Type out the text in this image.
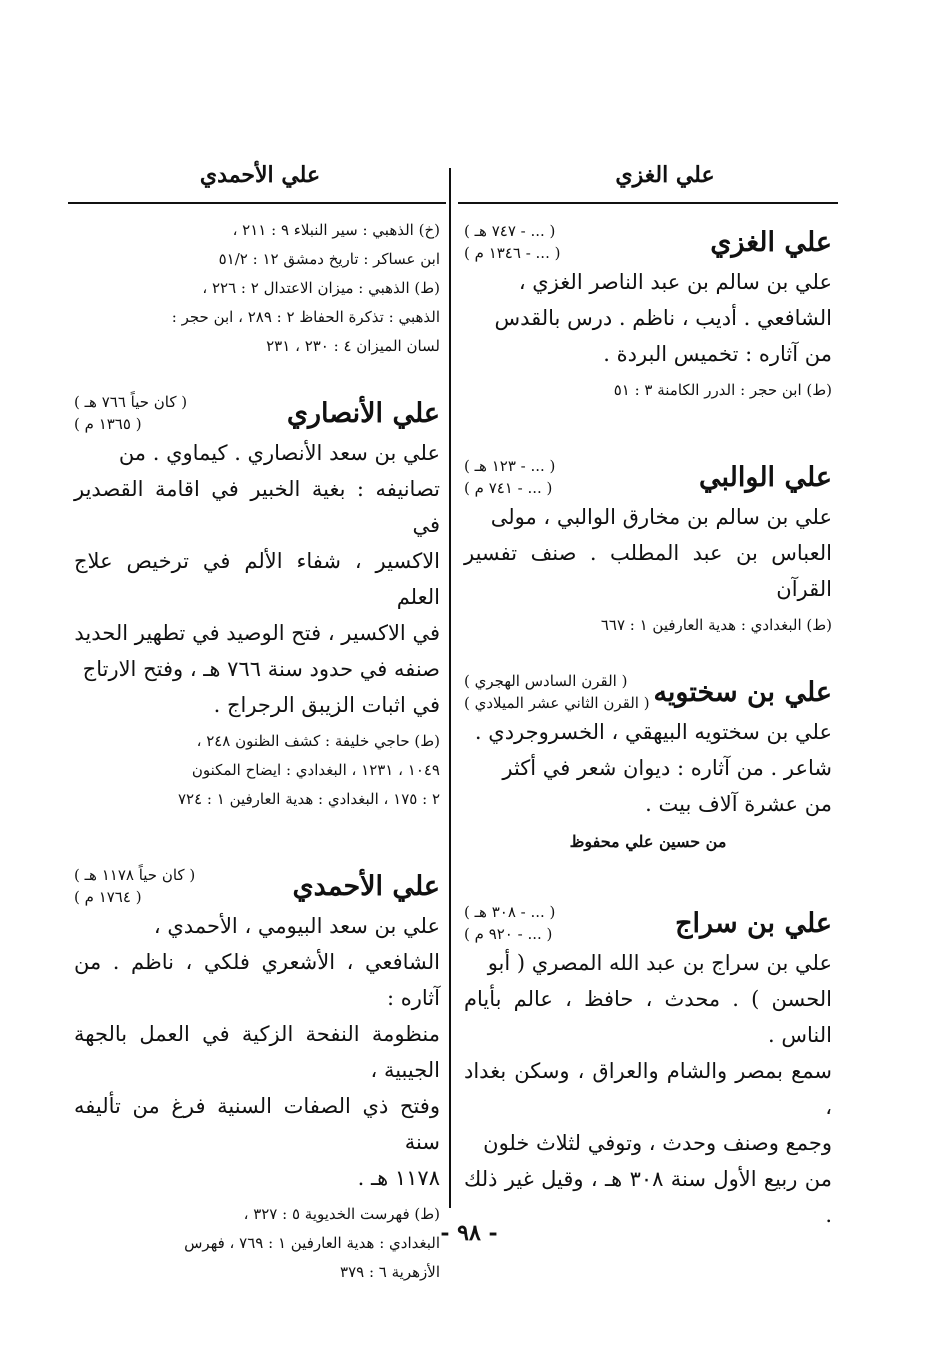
علي الغزي
علي الأحمدي
علي الغزي
( ... - ٧٤٧ هـ )
( ... - ١٣٤٦ م )

علي بن سالم بن عبد الناصر الغزي ،

الشافعي . أديب ، ناظم . درس بالقدس

من آثاره : تخميس البردة .

(ط) ابن حجر : الدرر الكامنة ٣ : ٥١

علي الوالبي
( ... - ١٢٣ هـ )
( ... - ٧٤١ م )

علي بن سالم بن مخارق الوالبي ، مولى

العباس بن عبد المطلب . صنف تفسير القرآن

(ط) البغدادي : هدية العارفين ١ : ٦٦٧

علي بن سختويه
( القرن السادس الهجري )
( القرن الثاني عشر الميلادي )

علي بن سختويه البيهقي ، الخسروجردي .

شاعر . من آثاره : ديوان شعر في أكثر

من عشرة آلاف بيت .

من حسين علي محفوظ
علي بن سراج
( ... - ٣٠٨ هـ )
( ... - ٩٢٠ م )

علي بن سراج بن عبد الله المصري ( أبو

الحسن ) . محدث ، حافظ ، عالم بأيام الناس .

سمع بمصر والشام والعراق ، وسكن بغداد ،

وجمع وصنف وحدث ، وتوفي لثلاث خلون

من ربيع الأول سنة ٣٠٨ هـ ، وقيل غير ذلك .

(خ) الذهبي : سير النبلاء ٩ : ٢١١ ،

ابن عساكر : تاريخ دمشق ١٢ : ٥١/٢

(ط) الذهبي : ميزان الاعتدال ٢ : ٢٢٦ ،

الذهبي : تذكرة الحفاظ ٢ : ٢٨٩ ، ابن حجر :

لسان الميزان ٤ : ٢٣٠ ، ٢٣١

علي الأنصاري
( كان حياً ٧٦٦ هـ )
( ١٣٦٥ م )

علي بن سعد الأنصاري . كيماوي . من

تصانيفه : بغية الخبير في اقامة القصدير في

الاكسير ، شفاء الألم في ترخيص علاج العلم

في الاكسير ، فتح الوصيد في تطهير الحديد

صنفه في حدود سنة ٧٦٦ هـ ، وفتح الارتاج

في اثبات الزيبق الرجراج .

(ط) حاجي خليفة : كشف الظنون ٢٤٨ ،

١٠٤٩ ، ١٢٣١ ، البغدادي : ايضاح المكنون

٢ : ١٧٥ ، البغدادي : هدية العارفين ١ : ٧٢٤

علي الأحمدي
( كان حياً ١١٧٨ هـ )
( ١٧٦٤ م )

علي بن سعد البيومي ، الأحمدي ،

الشافعي ، الأشعري فلكي ، ناظم . من آثاره :

منظومة النفحة الزكية في العمل بالجهة الجيبية ،

وفتح ذي الصفات السنية فرغ من تأليفه سنة

١١٧٨ هـ .

(ط) فهرست الخديوية ٥ : ٣٢٧ ،

البغدادي : هدية العارفين ١ : ٧٦٩ ، فهرس

الأزهرية ٦ : ٣٧٩

- ٩٨ -
